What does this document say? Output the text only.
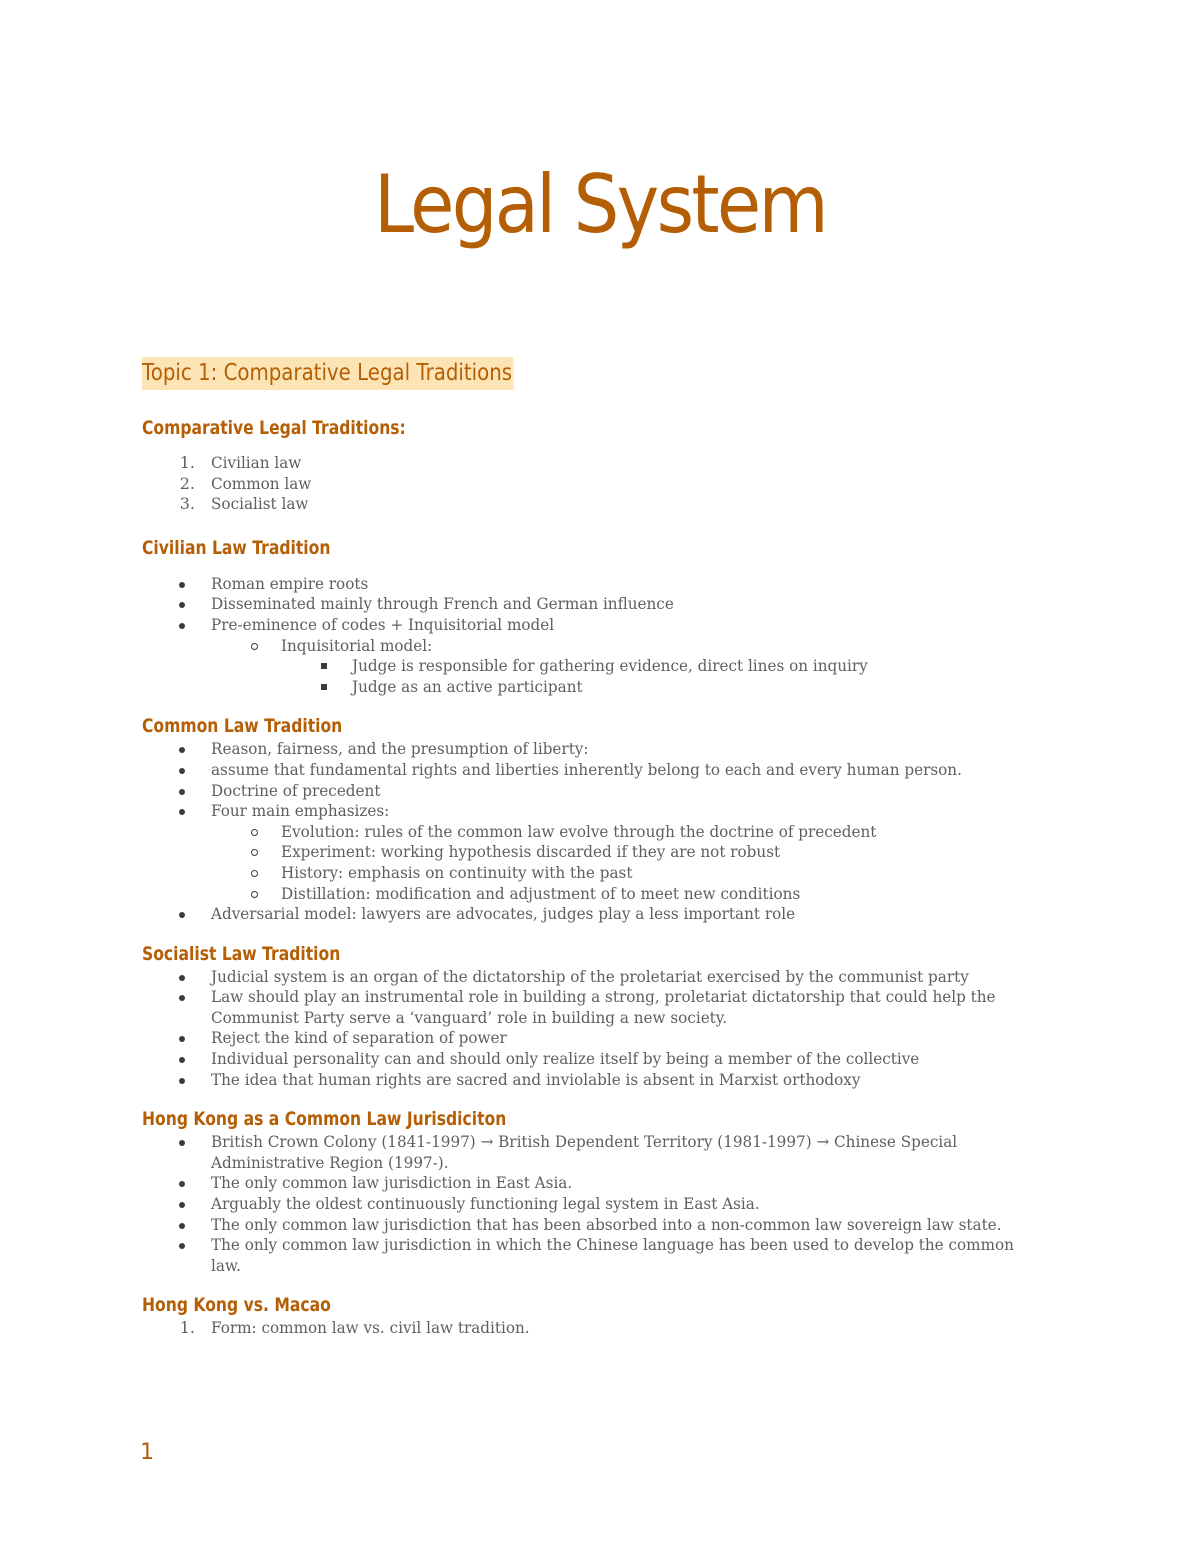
Legal System
Topic 1: Comparative Legal Traditions
Comparative Legal Traditions:
1. Civilian law
2. Common law
3. Socialist law
Civilian Law Tradition
Roman empire roots
Disseminated mainly through French and German influence
Pre-eminence of codes + Inquisitorial model
Inquisitorial model:
Judge is responsible for gathering evidence, direct lines on inquiry
Judge as an active participant
Common Law Tradition
Reason, fairness, and the presumption of liberty:
assume that fundamental rights and liberties inherently belong to each and every human person.
Doctrine of precedent
Four main emphasizes:
Evolution: rules of the common law evolve through the doctrine of precedent
Experiment: working hypothesis discarded if they are not robust
History: emphasis on continuity with the past
Distillation: modification and adjustment of to meet new conditions
Adversarial model: lawyers are advocates, judges play a less important role
Socialist Law Tradition
Judicial system is an organ of the dictatorship of the proletariat exercised by the communist party
Law should play an instrumental role in building a strong, proletariat dictatorship that could help the Communist Party serve a ‘vanguard’ role in building a new society.
Reject the kind of separation of power
Individual personality can and should only realize itself by being a member of the collective
The idea that human rights are sacred and inviolable is absent in Marxist orthodoxy
Hong Kong as a Common Law Jurisdiciton
British Crown Colony (1841-1997) → British Dependent Territory (1981-1997) → Chinese Special Administrative Region (1997-).
The only common law jurisdiction in East Asia.
Arguably the oldest continuously functioning legal system in East Asia.
The only common law jurisdiction that has been absorbed into a non-common law sovereign law state.
The only common law jurisdiction in which the Chinese language has been used to develop the common law.
Hong Kong vs. Macao
1. Form: common law vs. civil law tradition.
1
